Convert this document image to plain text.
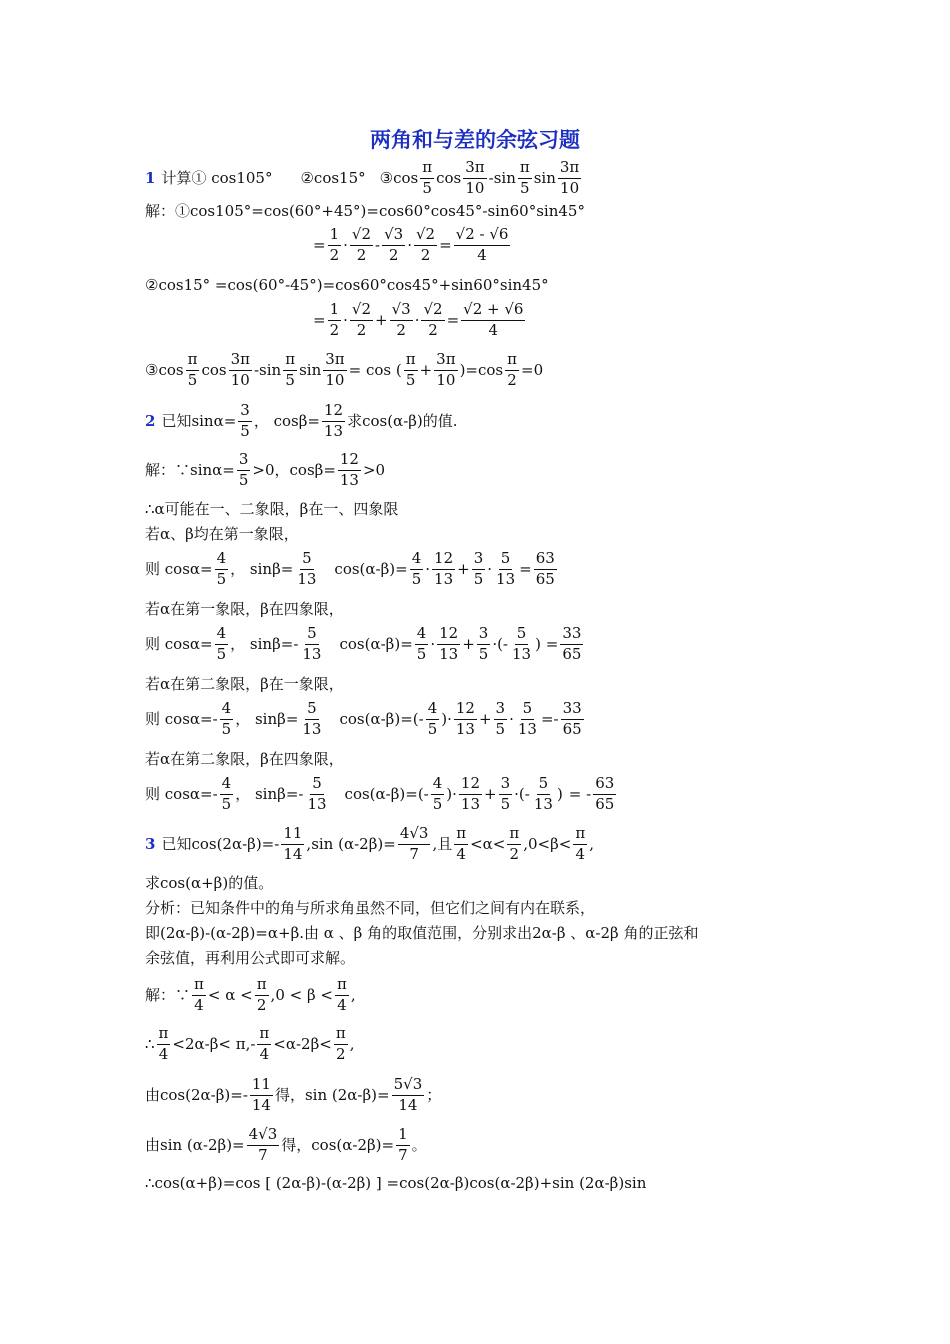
两角和与差的余弦习题
1 计算① cos105° ②cos15° ③cos
π
5
cos
3π
10
-sin
π
5
sin
3π
10
解：①cos105°=cos(60°+45°)=cos60°cos45°-sin60°sin45°
= $\frac{1}{2}$ ·
√2
2
-
√3
2
· $\frac{√2}{2} = \frac{√2 - √6}{4}$
②cos15° =cos(60°-45°)=cos60°cos45°+sin60°sin45°
= $\frac{1}{2}$ ·
√2
2
+ $\frac{√3}{2} \cdot \frac{√2}{2} = \frac{√2 + √6}{4}$
③cos
π
5
cos
3π
10
-sin
π
5
$\sin \frac{3\pi}{10} = \cos$ (
π
5
+ $\frac{3\pi}{10} )=\cos \frac{\pi}{2} =0$
2 已知$\sin\alpha= \frac{3}{5}$ ， $\cos\beta= \frac{12}{13}$ 求cos(α-β)的值.
解：∵sinα= $\frac{3}{5} >0$，$\cos\beta= \frac{12}{13} >0$
∴α可能在一、二象限，β在一、四象限
若α、β均在第一象限，
则 $\cos\alpha= \frac{4}{5}$ ， $\sin\beta= \frac{5}{13} \cos(\alpha-\beta)= \frac{4}{5}$ ·
12
13
+ $\frac{3}{5} \cdot \frac{5}{13} = \frac{63}{65}$
若α在第一象限，β在四象限，
则 $\cos\alpha= \frac{4}{5}$ ， sinβ=-
5
13
$\cos(\alpha-\beta)= \frac{4}{5}$ ·
12
13
+ $\frac{3}{5}$ ·(-
5
13
) = $\frac{33}{65}$
若α在第二象限，β在一象限，
则 cosα=-
4
5
， $\sin\beta= \frac{5}{13} \cos(\alpha-\beta)=(-$
4
5
)·
12
13
+ $\frac{3}{5} \cdot \frac{5}{13}$ =-
33
65
若α在第二象限，β在四象限，
则 cosα=-
4
5
， sinβ=-
5
13
cos(α-β)=(-
4
5
)·
12
13
+ $\frac{3}{5}$ ·(-
5
13
) = -
63
65
3 已知cos(2α-β)=-
11
14
,sin $(\alpha-2\beta)= \frac{4√3}{7}$ ,且
π
4
<α<
π
2
,0<β<
π
4
,
求cos(α+β)的值。
分析：已知条件中的角与所求角虽然不同，但它们之间有内在联系，
即(2α-β)-(α-2β)=α+β.由 α 、β 角的取值范围，分别求出2α-β 、α-2β 角的正弦和
余弦值，再利用公式即可求解。
解：∵
π
4
< α <
π
2
,0 < β <
π
4
,
∴
π
4
<2α-β< π,-
π
4
<α-2β<
π
2
,
由cos(2α-β)=-
11
14
得，$\sin (2\alpha-\beta)= \frac{5√3}{14}$ ；
由$\sin (\alpha-2\beta)= \frac{4√3}{7}$ 得，$\cos(\alpha-2\beta)= \frac{1}{7}$ 。
∴cos(α+β)=cos [ (2α-β)-(α-2β) ] =cos(2α-β)cos(α-2β)+sin (2α-β)sin
